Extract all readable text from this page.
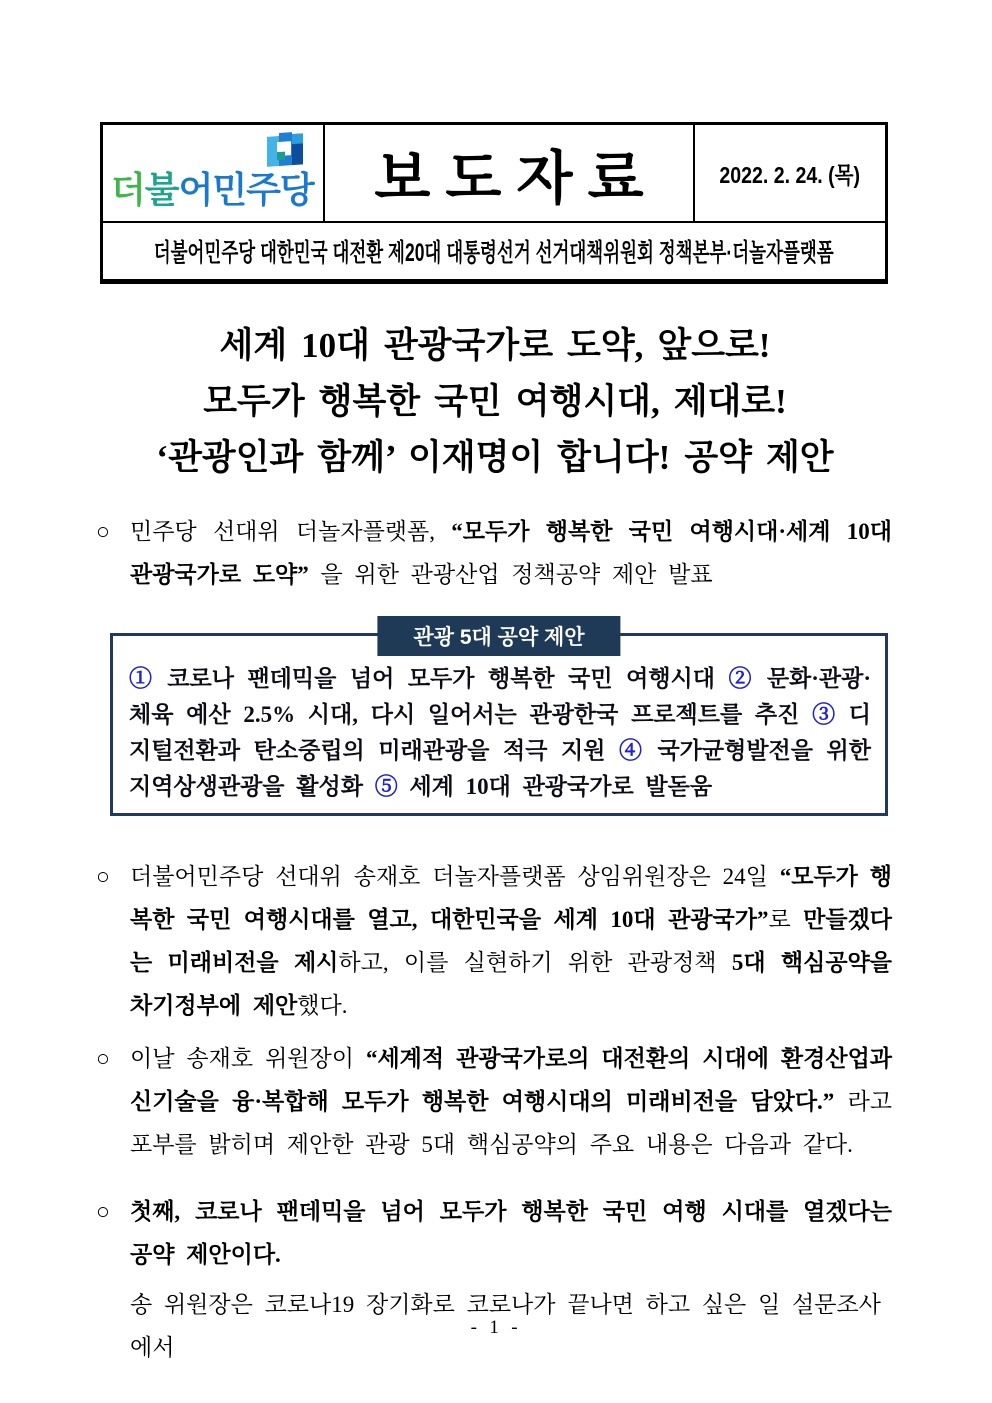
더불어민주당 보도자료	2022. 2. 24. (목)
더불어민주당 대한민국 대전환 제20대 대통령선거 선거대책위원회 정책본부·더놀자플랫폼
세계 10대 관광국가로 도약, 앞으로!
모두가 행복한 국민 여행시대, 제대로!
‘관광인과 함께’ 이재명이 합니다! 공약 제안
○ 민주당 선대위 더놀자플랫폼, “모두가 행복한 국민 여행시대·세계 10대 관광국가로 도약” 을 위한 관광산업 정책공약 제안 발표
관광 5대 공약 제안
① 코로나 팬데믹을 넘어 모두가 행복한 국민 여행시대 ② 문화·관광·체육 예산 2.5% 시대, 다시 일어서는 관광한국 프로젝트를 추진 ③ 디지털전환과 탄소중립의 미래관광을 적극 지원 ④ 국가균형발전을 위한 지역상생관광을 활성화 ⑤ 세계 10대 관광국가로 발돋움
○ 더불어민주당 선대위 송재호 더놀자플랫폼 상임위원장은 24일 “모두가 행복한 국민 여행시대를 열고, 대한민국을 세계 10대 관광국가”로 만들겠다는 미래비전을 제시하고, 이를 실현하기 위한 관광정책 5대 핵심공약을 차기정부에 제안했다.
○ 이날 송재호 위원장이 “세계적 관광국가로의 대전환의 시대에 환경산업과 신기술을 융·복합해 모두가 행복한 여행시대의 미래비전을 담았다.” 라고 포부를 밝히며 제안한 관광 5대 핵심공약의 주요 내용은 다음과 같다.
○ 첫째, 코로나 팬데믹을 넘어 모두가 행복한 국민 여행 시대를 열겠다는 공약 제안이다.
송 위원장은 코로나19 장기화로 코로나가 끝나면 하고 싶은 일 설문조사에서
- 1 -
